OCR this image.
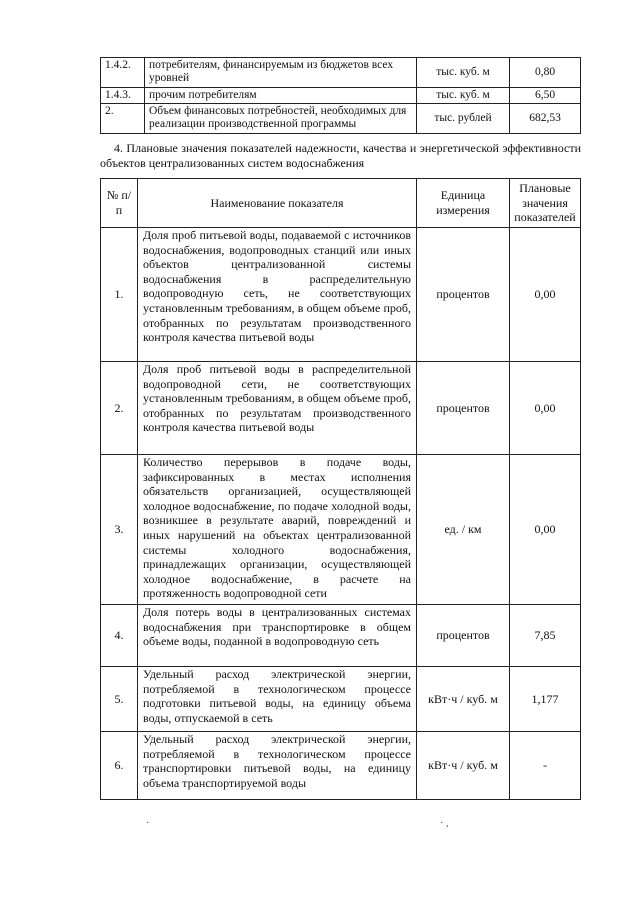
1.4.2.	потребителям, финансируемым из бюджетов всех уровней	тыс. куб. м	0,80
1.4.3.	прочим потребителям	тыс. куб. м	6,50
2.	Объем финансовых потребностей, необходимых для реализации производственной программы	тыс. рублей	682,53

4. Плановые значения показателей надежности, качества и энергетической эффективности объектов централизованных систем водоснабжения

№ п/п	Наименование показателя	Единица измерения	Плановые значения показателей
1.	Доля проб питьевой воды, подаваемой с источников водоснабжения, водопроводных станций или иных объектов централизованной системы водоснабжения в распределительную водопроводную сеть, не соответствующих установленным требованиям, в общем объеме проб, отобранных по результатам производственного контроля качества питьевой воды	процентов	0,00
2.	Доля проб питьевой воды в распределительной водопроводной сети, не соответствующих установленным требованиям, в общем объеме проб, отобранных по результатам производственного контроля качества питьевой воды	процентов	0,00
3.	Количество перерывов в подаче воды, зафиксированных в местах исполнения обязательств организацией, осуществляющей холодное водоснабжение, по подаче холодной воды, возникшее в результате аварий, повреждений и иных нарушений на объектах централизованной системы холодного водоснабжения, принадлежащих организации, осуществляющей холодное водоснабжение, в расчете на протяженность водопроводной сети	ед. / км	0,00
4.	Доля потерь воды в централизованных системах водоснабжения при транспортировке в общем объеме воды, поданной в водопроводную сеть	процентов	7,85
5.	Удельный расход электрической энергии, потребляемой в технологическом процессе подготовки питьевой воды, на единицу объема воды, отпускаемой в сеть	кВт·ч / куб. м	1,177
6.	Удельный расход электрической энергии, потребляемой в технологическом процессе транспортировки питьевой воды, на единицу объема транспортируемой воды	кВт·ч / куб. м	-
·	· ,
